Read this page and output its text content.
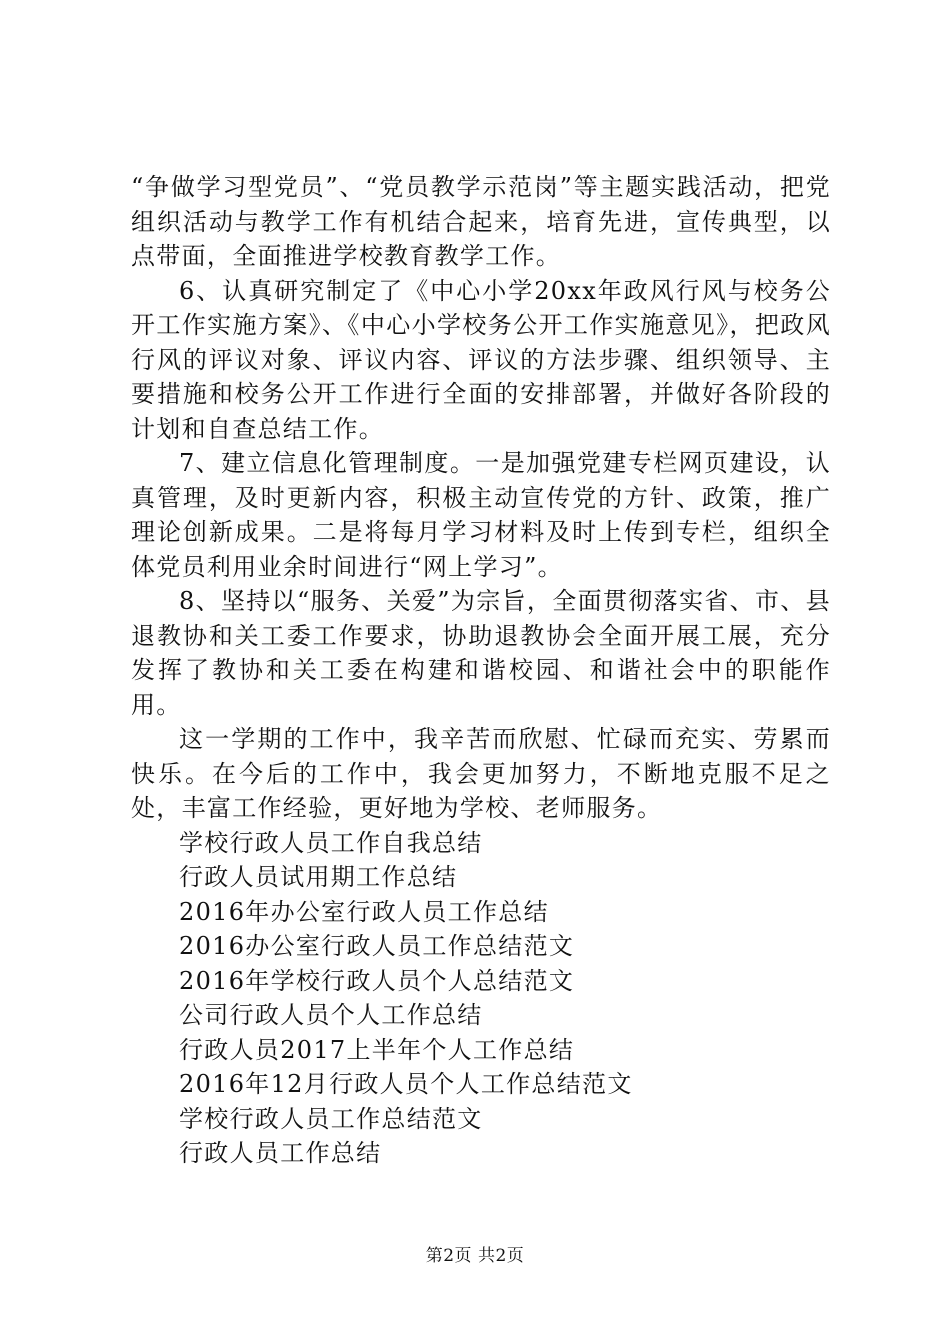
“争做学习型党员”、“党员教学示范岗”等主题实践活动，把党组织活动与教学工作有机结合起来，培育先进，宣传典型，以点带面，全面推进学校教育教学工作。

6、认真研究制定了《中心小学20xx年政风行风与校务公开工作实施方案》、《中心小学校务公开工作实施意见》，把政风行风的评议对象、评议内容、评议的方法步骤、组织领导、主要措施和校务公开工作进行全面的安排部署，并做好各阶段的计划和自查总结工作。

7、建立信息化管理制度。一是加强党建专栏网页建设，认真管理，及时更新内容，积极主动宣传党的方针、政策，推广理论创新成果。二是将每月学习材料及时上传到专栏，组织全体党员利用业余时间进行“网上学习”。

8、坚持以“服务、关爱”为宗旨，全面贯彻落实省、市、县退教协和关工委工作要求，协助退教协会全面开展工展，充分发挥了教协和关工委在构建和谐校园、和谐社会中的职能作用。

这一学期的工作中，我辛苦而欣慰、忙碌而充实、劳累而快乐。在今后的工作中，我会更加努力，不断地克服不足之处，丰富工作经验，更好地为学校、老师服务。

学校行政人员工作自我总结
行政人员试用期工作总结
2016年办公室行政人员工作总结
2016办公室行政人员工作总结范文
2016年学校行政人员个人总结范文
公司行政人员个人工作总结
行政人员2017上半年个人工作总结
2016年12月行政人员个人工作总结范文
学校行政人员工作总结范文
行政人员工作总结
第2页 共2页
